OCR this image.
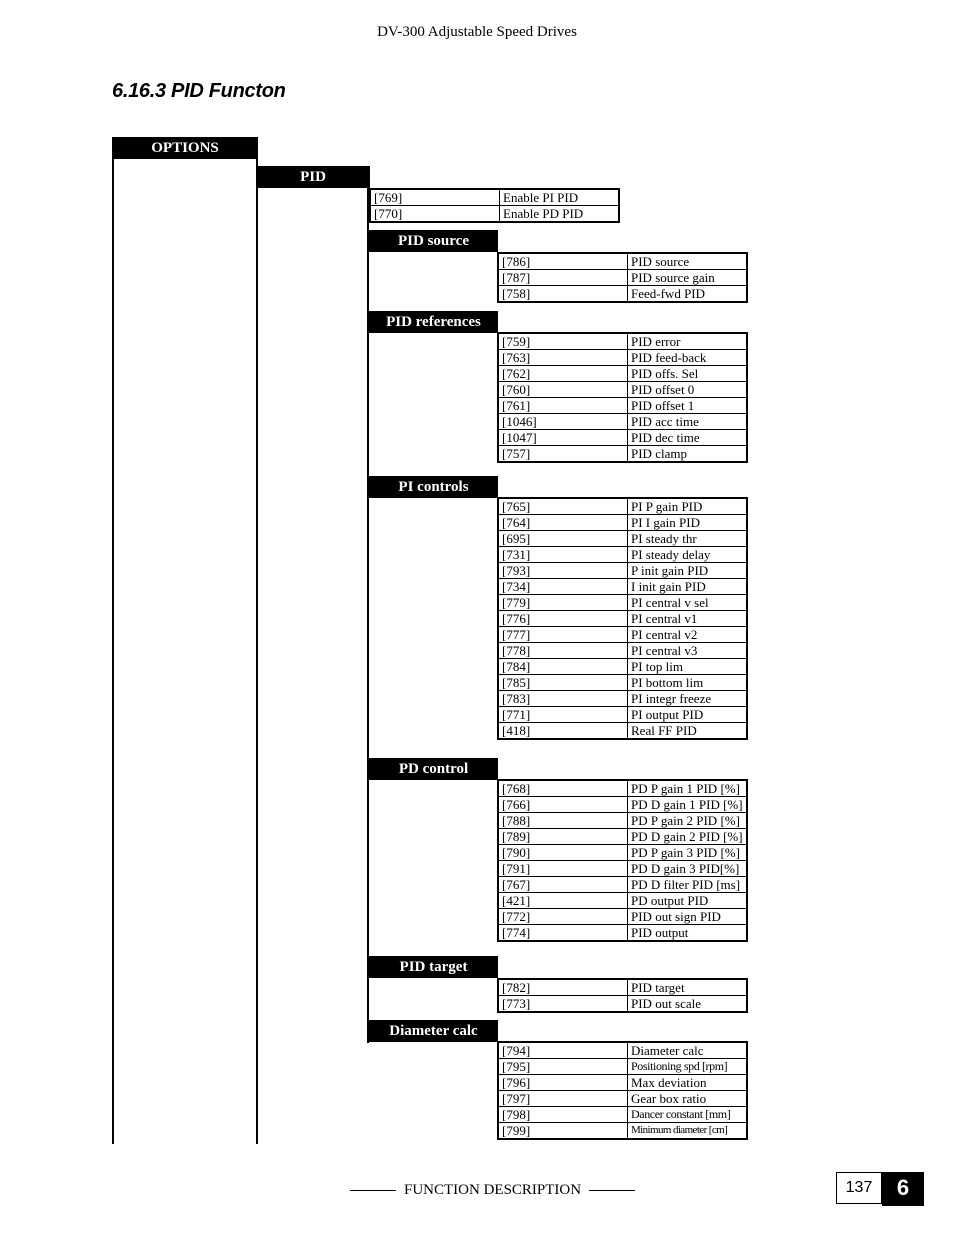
DV-300 Adjustable Speed Drives
6.16.3 PID Functon
OPTIONS
PID
[769]	Enable PI PID
[770]	Enable PD PID
PID source
[786]	PID source
[787]	PID source gain
[758]	Feed-fwd PID
PID references
[759]	PID error
[763]	PID feed-back
[762]	PID offs. Sel
[760]	PID offset 0
[761]	PID offset 1
[1046]	PID acc time
[1047]	PID dec time
[757]	PID clamp
PI controls
[765]	PI P gain PID
[764]	PI I gain PID
[695]	PI steady thr
[731]	PI steady delay
[793]	P init gain PID
[734]	I init gain PID
[779]	PI central v sel
[776]	PI central v1
[777]	PI central v2
[778]	PI central v3
[784]	PI top lim
[785]	PI bottom lim
[783]	PI integr freeze
[771]	PI output PID
[418]	Real FF PID
PD control
[768]	PD P gain 1 PID [%]
[766]	PD D gain 1 PID [%]
[788]	PD P gain 2 PID [%]
[789]	PD D gain 2 PID [%]
[790]	PD P gain 3 PID [%]
[791]	PD D gain 3 PID[%]
[767]	PD D filter PID [ms]
[421]	PD output PID
[772]	PID out sign PID
[774]	PID output
PID target
[782]	PID target
[773]	PID out scale
Diameter calc
[794]	Diameter calc
[795]	Positioning spd [rpm]
[796]	Max deviation
[797]	Gear box ratio
[798]	Dancer constant [mm]
[799]	Minimum diameter [cm]
FUNCTION DESCRIPTION	137	6
